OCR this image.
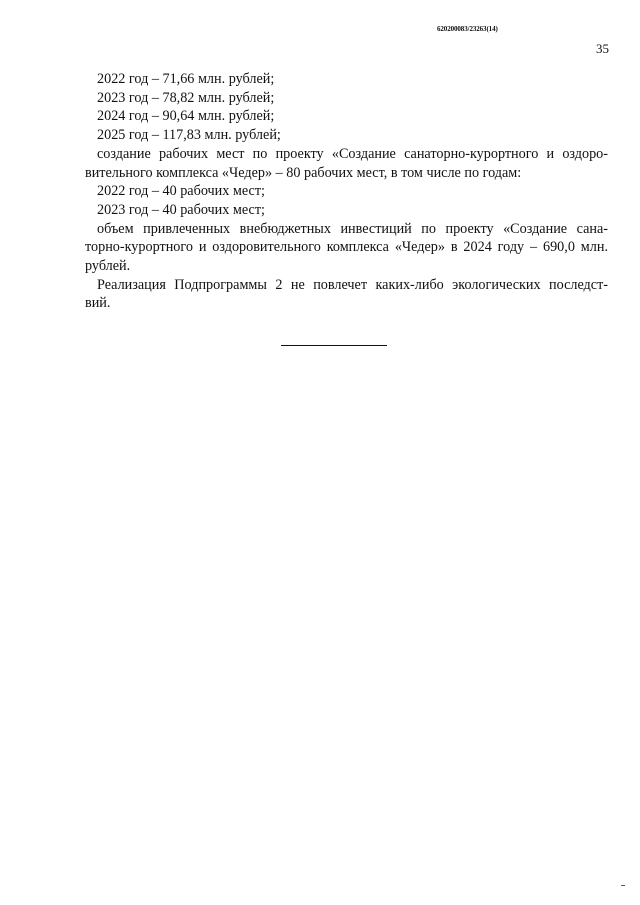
620200083/23263(14)
35
2022 год – 71,66 млн. рублей;
2023 год – 78,82 млн. рублей;
2024 год – 90,64 млн. рублей;
2025 год – 117,83 млн. рублей;
создание рабочих мест по проекту «Создание санаторно-курортного и оздоро-
вительного комплекса «Чедер» – 80 рабочих мест, в том числе по годам:
2022 год – 40 рабочих мест;
2023 год – 40 рабочих мест;
объем привлеченных внебюджетных инвестиций по проекту «Создание сана-
торно-курортного и оздоровительного комплекса «Чедер» в 2024 году – 690,0 млн.
рублей.
Реализация Подпрограммы 2 не повлечет каких-либо экологических последст-
вий.
